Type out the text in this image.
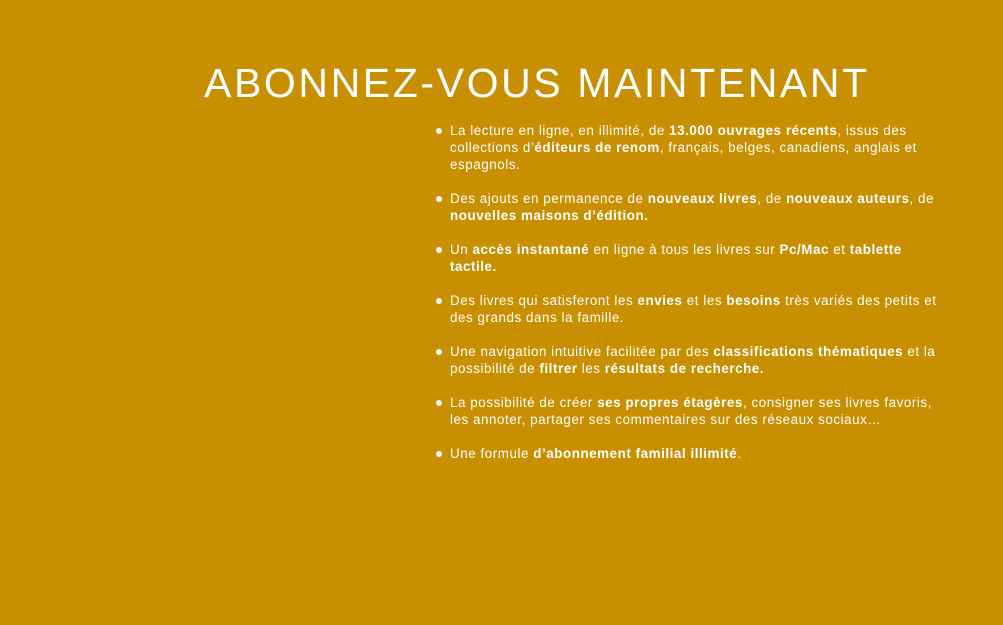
ABONNEZ-VOUS MAINTENANT
La lecture en ligne, en illimité, de 13.000 ouvrages récents, issus des collections d’éditeurs de renom, français, belges, canadiens, anglais et espagnols.
Des ajouts en permanence de nouveaux livres, de nouveaux auteurs, de nouvelles maisons d’édition.
Un accès instantané en ligne à tous les livres sur Pc/Mac et tablette tactile.
Des livres qui satisferont les envies et les besoins très variés des petits et des grands dans la famille.
Une navigation intuitive facilitée par des classifications thématiques et la possibilité de filtrer les résultats de recherche.
La possibilité de créer ses propres étagères, consigner ses livres favoris, les annoter, partager ses commentaires sur des réseaux sociaux…
Une formule d’abonnement familial illimité.
